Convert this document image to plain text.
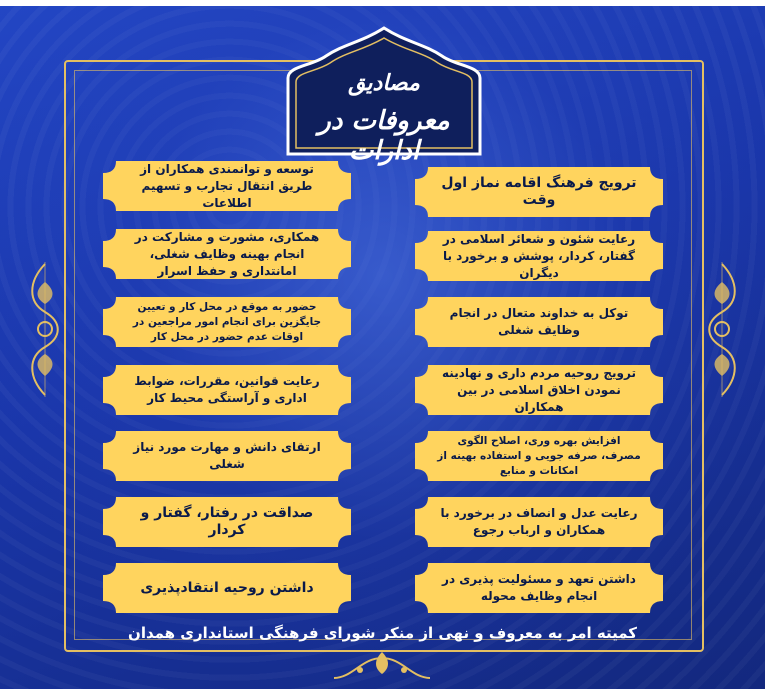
مصادیق
معروفات در ادارات
ترویج فرهنگ اقامه نماز اول وقت
رعایت شئون و شعائر اسلامی در گفتار، کردار، پوشش و برخورد با دیگران
توکل به خداوند متعال در انجام وظایف شغلی
ترویج روحیه مردم داری و نهادینه نمودن اخلاق اسلامی در بین همکاران
افزایش بهره وری، اصلاح الگوی مصرف، صرفه جویی و استفاده بهینه از امکانات و منابع
رعایت عدل و انصاف در برخورد با همکاران و ارباب رجوع
داشتن تعهد و مسئولیت پذیری در انجام وظایف محوله
توسعه و توانمندی همکاران از طریق انتقال تجارب و تسهیم اطلاعات
همکاری، مشورت و مشارکت در انجام بهینه وظایف شغلی، امانتداری و حفظ اسرار
حضور به موقع در محل کار و تعیین جایگزین برای انجام امور مراجعین در اوقات عدم حضور در محل کار
رعایت قوانین، مقررات، ضوابط اداری و آراستگی محیط کار
ارتقای دانش و مهارت مورد نیاز شغلی
صداقت در رفتار، گفتار و کردار
داشتن روحیه انتقادپذیری
کمیته امر به معروف و نهی از منکر شورای فرهنگی استانداری همدان
